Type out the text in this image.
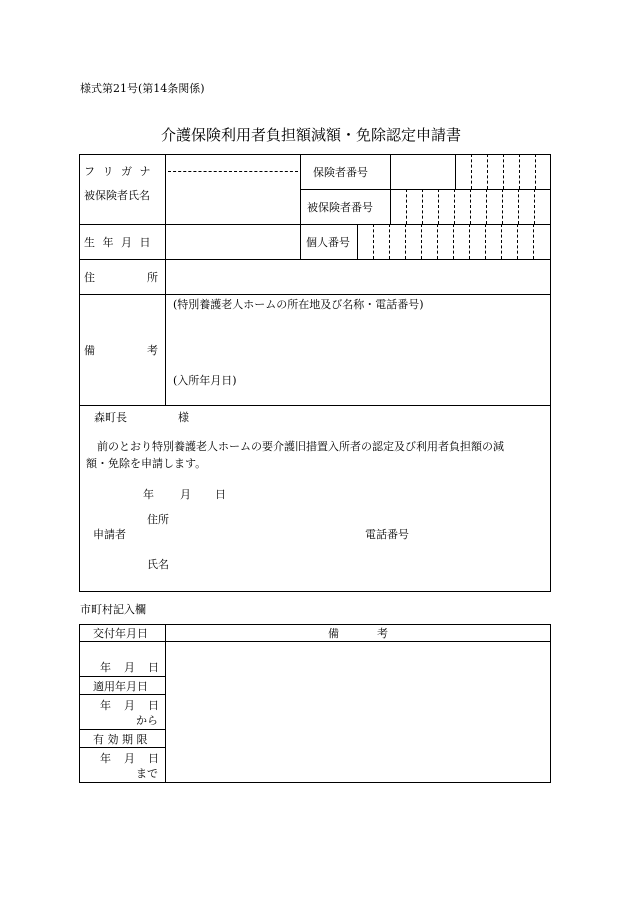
様式第21号(第14条関係)
介護保険利用者負担額減額・免除認定申請書
フ リ ガ ナ
被保険者氏名
保険者番号
被保険者番号
生 年 月 日	個人番号
住	所
備	考
(特別養護老人ホームの所在地及び名称・電話番号)
(入所年月日)
森町長	様
前のとおり特別養護老人ホームの要介護旧措置入所者の認定及び利用者負担額の減
額・免除を申請します。
年 月 日
住所
申請者	電話番号
氏名
市町村記入欄
交付年月日	備	考
年 月 日
適用年月日
年 月 日
から
有 効 期 限
年 月 日
まで
